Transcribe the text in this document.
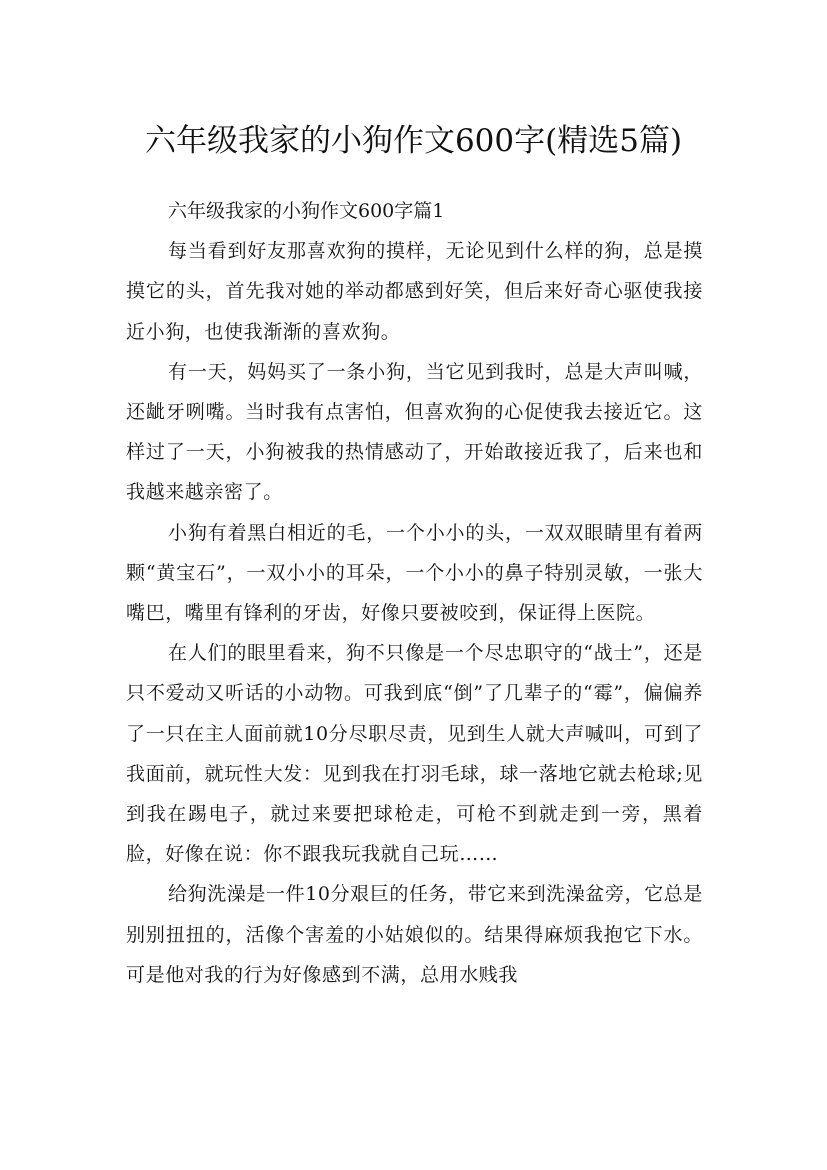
六年级我家的小狗作文600字(精选5篇)

六年级我家的小狗作文600字篇1

每当看到好友那喜欢狗的摸样，无论见到什么样的狗，总是摸摸它的头，首先我对她的举动都感到好笑，但后来好奇心驱使我接近小狗，也使我渐渐的喜欢狗。

有一天，妈妈买了一条小狗，当它见到我时，总是大声叫喊，还龇牙咧嘴。当时我有点害怕，但喜欢狗的心促使我去接近它。这样过了一天，小狗被我的热情感动了，开始敢接近我了，后来也和我越来越亲密了。

小狗有着黑白相近的毛，一个小小的头，一双双眼睛里有着两颗“黄宝石”，一双小小的耳朵，一个小小的鼻子特别灵敏，一张大嘴巴，嘴里有锋利的牙齿，好像只要被咬到，保证得上医院。

在人们的眼里看来，狗不只像是一个尽忠职守的“战士”，还是只不爱动又听话的小动物。可我到底“倒”了几辈子的“霉”，偏偏养了一只在主人面前就10分尽职尽责，见到生人就大声喊叫，可到了我面前，就玩性大发：见到我在打羽毛球，球一落地它就去枪球;见到我在踢电子，就过来要把球枪走，可枪不到就走到一旁，黑着脸，好像在说：你不跟我玩我就自己玩……

给狗洗澡是一件10分艰巨的任务，带它来到洗澡盆旁，它总是别别扭扭的，活像个害羞的小姑娘似的。结果得麻烦我抱它下水。可是他对我的行为好像感到不满，总用水贱我
